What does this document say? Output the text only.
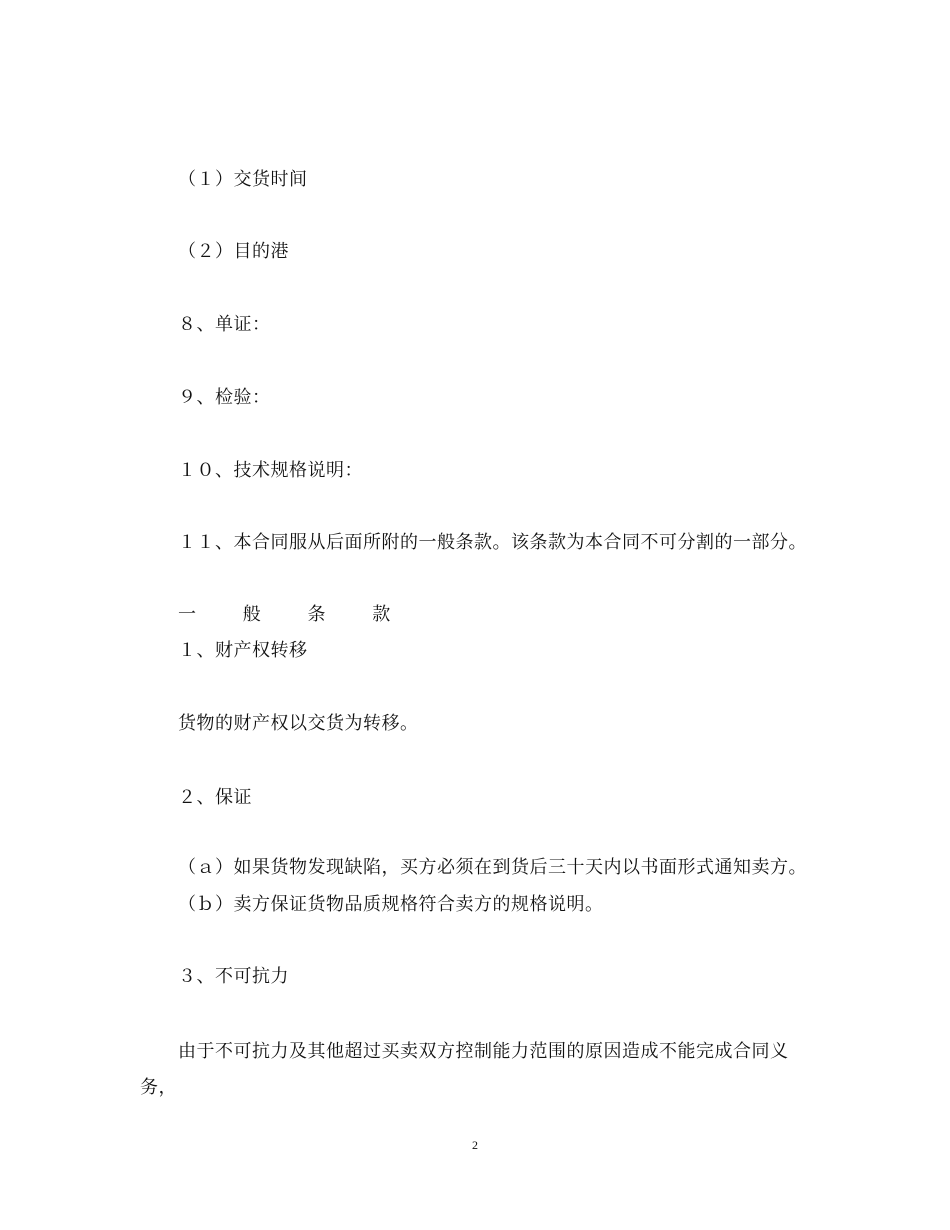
（１）交货时间
（２）目的港
８、单证：
９、检验：
１０、技术规格说明：
１１、本合同服从后面所附的一般条款。该条款为本合同不可分割的一部分。
一	般	条	款
１、财产权转移
货物的财产权以交货为转移。
２、保证
（ａ）如果货物发现缺陷，买方必须在到货后三十天内以书面形式通知卖方。
（ｂ）卖方保证货物品质规格符合卖方的规格说明。
３、不可抗力
由于不可抗力及其他超过买卖双方控制能力范围的原因造成不能完成合同义
务，
2
